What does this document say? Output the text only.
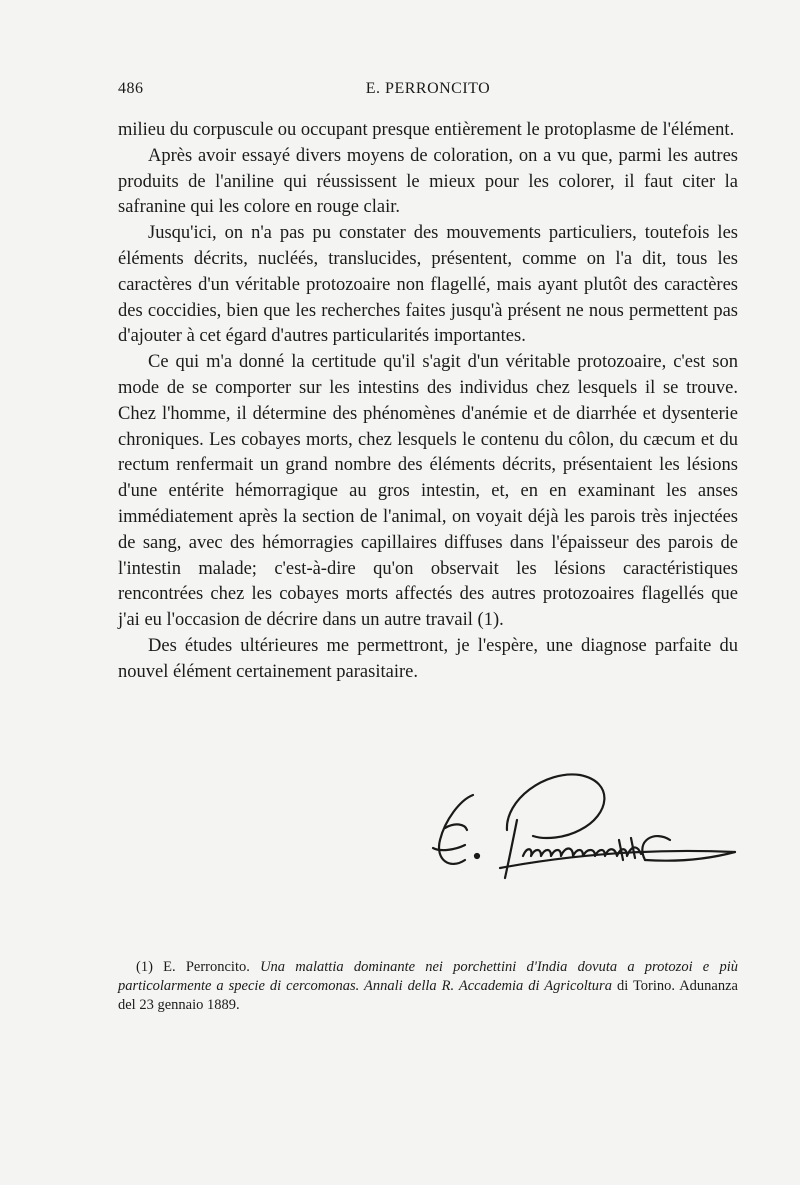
486	E. PERRONCITO

milieu du corpuscule ou occupant presque entièrement le protoplasme de l'élément.

Après avoir essayé divers moyens de coloration, on a vu que, parmi les autres produits de l'aniline qui réussissent le mieux pour les colorer, il faut citer la safranine qui les colore en rouge clair.

Jusqu'ici, on n'a pas pu constater des mouvements particuliers, toutefois les éléments décrits, nucléés, translucides, présentent, comme on l'a dit, tous les caractères d'un véritable protozoaire non flagellé, mais ayant plutôt des caractères des coccidies, bien que les recherches faites jusqu'à présent ne nous permettent pas d'ajouter à cet égard d'autres particularités importantes.

Ce qui m'a donné la certitude qu'il s'agit d'un véritable protozoaire, c'est son mode de se comporter sur les intestins des individus chez lesquels il se trouve. Chez l'homme, il détermine des phénomènes d'anémie et de diarrhée et dysenterie chroniques. Les cobayes morts, chez lesquels le contenu du côlon, du cæcum et du rectum renfermait un grand nombre des éléments décrits, présentaient les lésions d'une entérite hémorragique au gros intestin, et, en en examinant les anses immédiatement après la section de l'animal, on voyait déjà les parois très injectées de sang, avec des hémorragies capillaires diffuses dans l'épaisseur des parois de l'intestin malade; c'est-à-dire qu'on observait les lésions caractéristiques rencontrées chez les cobayes morts affectés des autres protozoaires flagellés que j'ai eu l'occasion de décrire dans un autre travail (1).

Des études ultérieures me permettront, je l'espère, une diagnose parfaite du nouvel élément certainement parasitaire.

(1) E. Perroncito. Una malattia dominante nei porchettini d'India dovuta a protozoi e più particolarmente a specie di cercomonas. Annali della R. Accademia di Agricoltura di Torino. Adunanza del 23 gennaio 1889.
